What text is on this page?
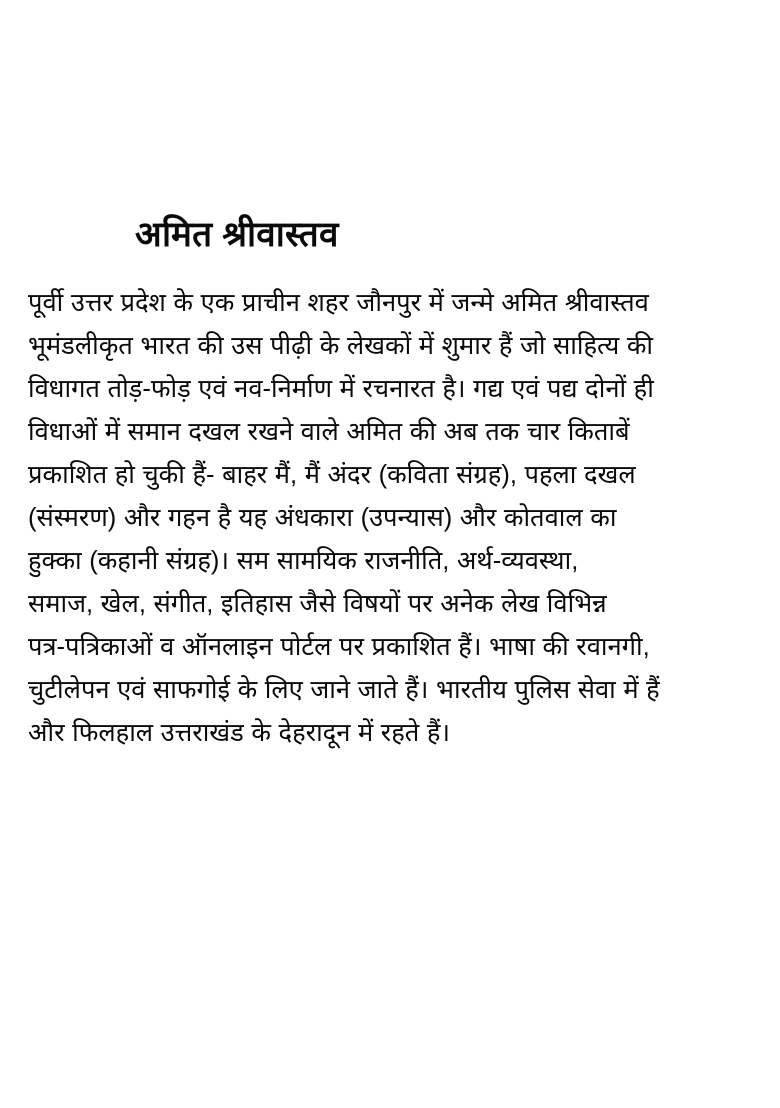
अमित श्रीवास्तव
पूर्वी उत्तर प्रदेश के एक प्राचीन शहर जौनपुर में जन्मे अमित श्रीवास्तव
भूमंडलीकृत भारत की उस पीढ़ी के लेखकों में शुमार हैं जो साहित्य की
विधागत तोड़-फोड़ एवं नव-निर्माण में रचनारत है। गद्य एवं पद्य दोनों ही
विधाओं में समान दखल रखने वाले अमित की अब तक चार किताबें
प्रकाशित हो चुकी हैं- बाहर मैं, मैं अंदर (कविता संग्रह), पहला दखल
(संस्मरण) और गहन है यह अंधकारा (उपन्यास) और कोतवाल का
हुक्का (कहानी संग्रह)। सम सामयिक राजनीति, अर्थ-व्यवस्था,
समाज, खेल, संगीत, इतिहास जैसे विषयों पर अनेक लेख विभिन्न
पत्र-पत्रिकाओं व ऑनलाइन पोर्टल पर प्रकाशित हैं। भाषा की रवानगी,
चुटीलेपन एवं साफगोई के लिए जाने जाते हैं। भारतीय पुलिस सेवा में हैं
और फिलहाल उत्तराखंड के देहरादून में रहते हैं।
